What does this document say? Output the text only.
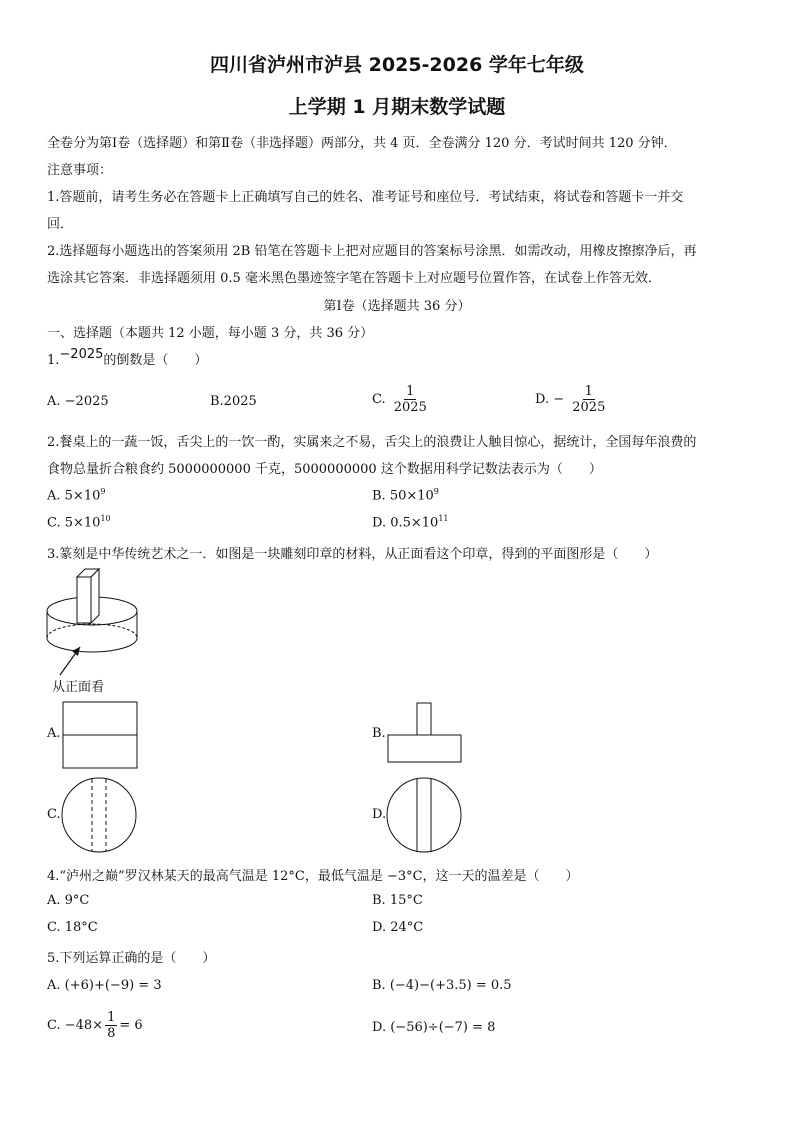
四川省泸州市泸县 2025-2026 学年七年级
上学期 1 月期末数学试题
全卷分为第Ⅰ卷（选择题）和第Ⅱ卷（非选择题）两部分，共 4 页．全卷满分 120 分．考试时间共 120 分钟．
注意事项：
1.答题前，请考生务必在答题卡上正确填写自己的姓名、准考证号和座位号．考试结束，将试卷和答题卡一并交
回．
2.选择题每小题选出的答案须用 2B 铅笔在答题卡上把对应题目的答案标号涂黑．如需改动，用橡皮擦擦净后，再
选涂其它答案．非选择题须用 0.5 毫米黑色墨迹签字笔在答题卡上对应题号位置作答，在试卷上作答无效．
第Ⅰ卷（选择题共 36 分）
一、选择题（本题共 12 小题，每小题 3 分，共 36 分）
1.−2025的倒数是（　　）
A. −2025	B.2025	C. $\frac{1}{2025}$	D. − $\frac{1}{2025}$
2.餐桌上的一蔬一饭，舌尖上的一饮一酌，实属来之不易，舌尖上的浪费让人触目惊心，据统计，全国每年浪费的
食物总量折合粮食约 5000000000 千克，5000000000 这个数据用科学记数法表示为（　　）
A. $5\times 10^9$	B. $50\times 10^9$
C. $5\times 10^{10}$	D. $0.5\times 10^{11}$
3.篆刻是中华传统艺术之一．如图是一块雕刻印章的材料，从正面看这个印章，得到的平面图形是（　　）
从正面看
A.	B.
C.	D.
4.“泸州之巅”罗汉林某天的最高气温是 12°C，最低气温是 −3°C，这一天的温差是（　　）
A. 9°C	B. 15°C
C. 18°C	D. 24°C
5.下列运算正确的是（　　）
A. (+6)+(−9) = 3	B. (−4)−(+3.5) = 0.5
C. $-48\times \frac{1}{8} = 6$	D. (−56)÷(−7) = 8
